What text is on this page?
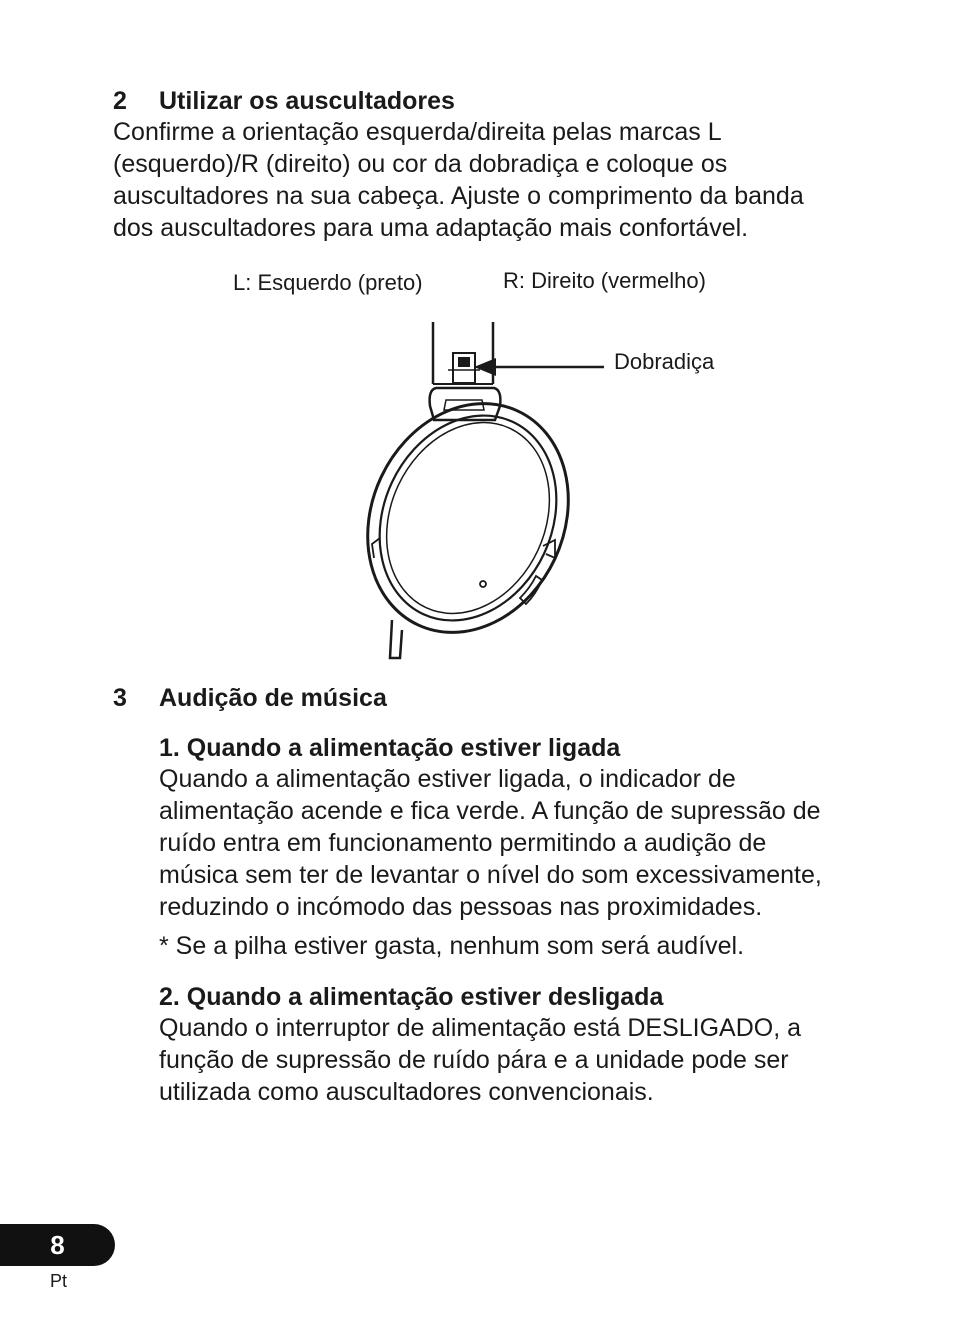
2 Utilizar os auscultadores
Confirme a orientação esquerda/direita pelas marcas L
(esquerdo)/R (direito) ou cor da dobradiça e coloque os
auscultadores na sua cabeça. Ajuste o comprimento da banda
dos auscultadores para uma adaptação mais confortável.
L: Esquerdo (preto)	R: Direito (vermelho)
Dobradiça
3 Audição de música
1. Quando a alimentação estiver ligada
Quando a alimentação estiver ligada, o indicador de
alimentação acende e fica verde. A função de supressão de
ruído entra em funcionamento permitindo a audição de
música sem ter de levantar o nível do som excessivamente,
reduzindo o incómodo das pessoas nas proximidades.
* Se a pilha estiver gasta, nenhum som será audível.
2. Quando a alimentação estiver desligada
Quando o interruptor de alimentação está DESLIGADO, a
função de supressão de ruído pára e a unidade pode ser
utilizada como auscultadores convencionais.
8
Pt
